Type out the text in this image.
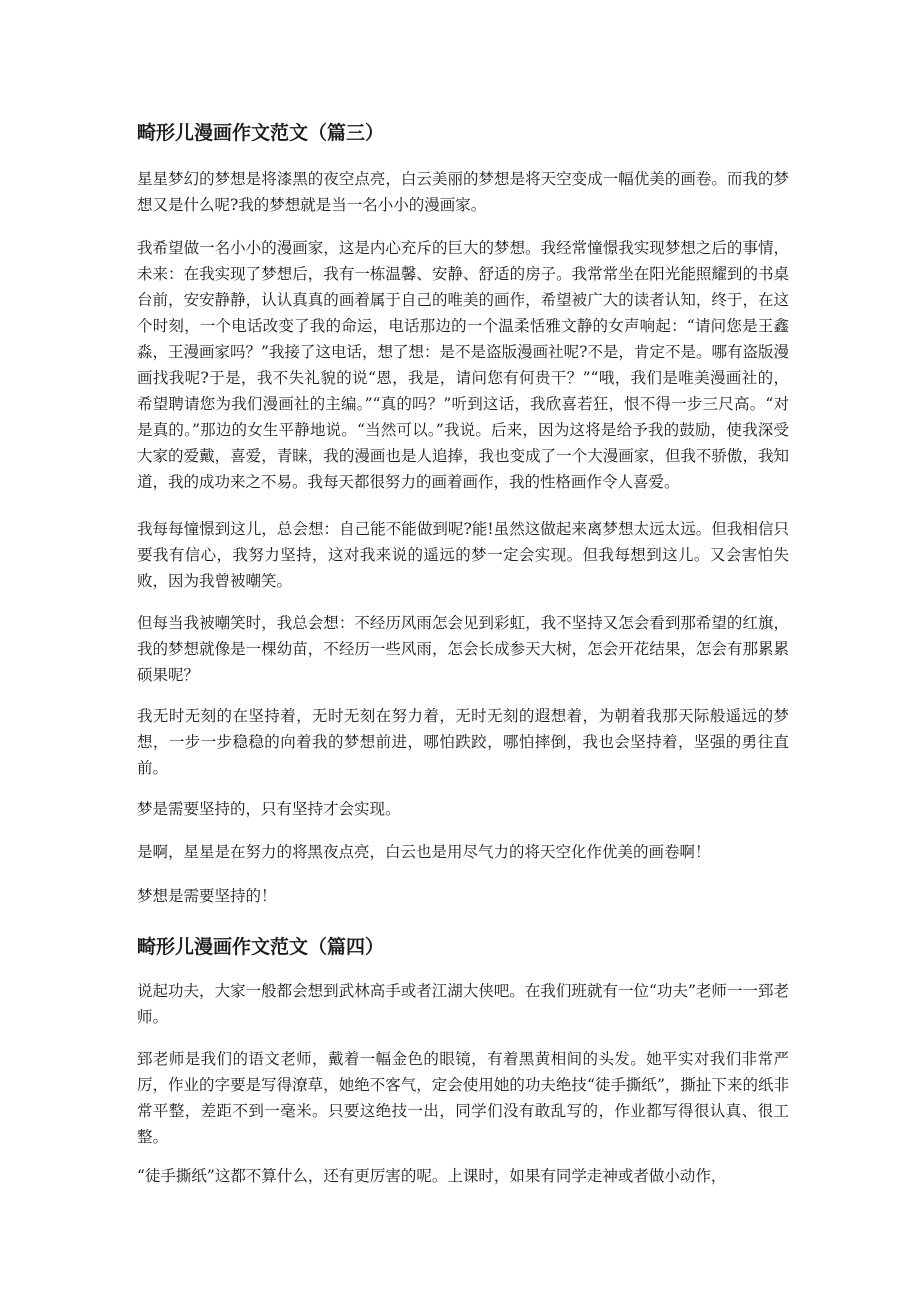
畸形儿漫画作文范文（篇三）

星星梦幻的梦想是将漆黑的夜空点亮，白云美丽的梦想是将天空变成一幅优美的画卷。而我的梦想又是什么呢?我的梦想就是当一名小小的漫画家。

我希望做一名小小的漫画家，这是内心充斥的巨大的梦想。我经常憧憬我实现梦想之后的事情，未来：在我实现了梦想后，我有一栋温馨、安静、舒适的房子。我常常坐在阳光能照耀到的书桌台前，安安静静，认认真真的画着属于自己的唯美的画作，希望被广大的读者认知，终于，在这个时刻，一个电话改变了我的命运，电话那边的一个温柔恬雅文静的女声响起：“请问您是王鑫淼，王漫画家吗？”我接了这电话，想了想：是不是盗版漫画社呢?不是，肯定不是。哪有盗版漫画找我呢?于是，我不失礼貌的说“恩，我是，请问您有何贵干？”“哦，我们是唯美漫画社的，希望聘请您为我们漫画社的主编。”“真的吗？”听到这话，我欣喜若狂，恨不得一步三尺高。“对是真的。”那边的女生平静地说。“当然可以。”我说。后来，因为这将是给予我的鼓励，使我深受大家的爱戴，喜爱，青睐，我的漫画也是人追捧，我也变成了一个大漫画家，但我不骄傲，我知道，我的成功来之不易。我每天都很努力的画着画作，我的性格画作令人喜爱。

我每每憧憬到这儿，总会想：自己能不能做到呢?能!虽然这做起来离梦想太远太远。但我相信只要我有信心，我努力坚持，这对我来说的遥远的梦一定会实现。但我每想到这儿。又会害怕失败，因为我曾被嘲笑。

但每当我被嘲笑时，我总会想：不经历风雨怎会见到彩虹，我不坚持又怎会看到那希望的红旗，我的梦想就像是一棵幼苗，不经历一些风雨，怎会长成参天大树，怎会开花结果，怎会有那累累硕果呢？

我无时无刻的在坚持着，无时无刻在努力着，无时无刻的遐想着，为朝着我那天际般遥远的梦想，一步一步稳稳的向着我的梦想前进，哪怕跌跤，哪怕摔倒，我也会坚持着，坚强的勇往直前。

梦是需要坚持的，只有坚持才会实现。

是啊，星星是在努力的将黑夜点亮，白云也是用尽气力的将天空化作优美的画卷啊！

梦想是需要坚持的！

畸形儿漫画作文范文（篇四）

说起功夫，大家一般都会想到武林高手或者江湖大侠吧。在我们班就有一位“功夫”老师一一郅老师。

郅老师是我们的语文老师，戴着一幅金色的眼镜，有着黑黄相间的头发。她平实对我们非常严厉，作业的字要是写得潦草，她绝不客气，定会使用她的功夫绝技“徒手撕纸”，撕扯下来的纸非常平整，差距不到一毫米。只要这绝技一出，同学们没有敢乱写的，作业都写得很认真、很工整。

“徒手撕纸”这都不算什么，还有更厉害的呢。上课时，如果有同学走神或者做小动作，
